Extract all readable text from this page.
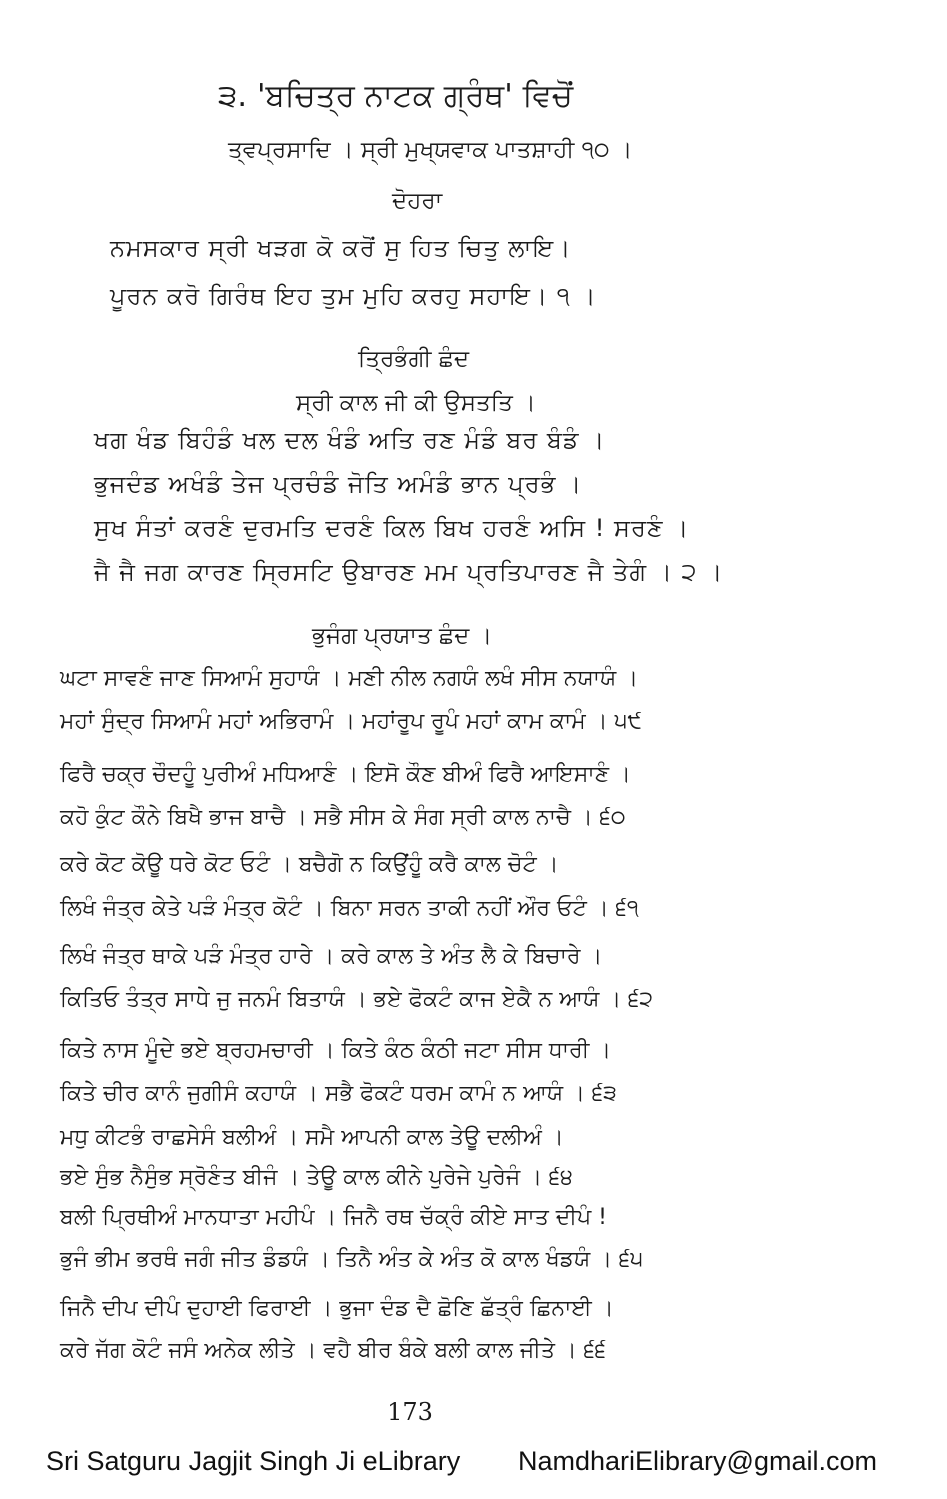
੩. 'ਬਚਿਤ੍ਰ ਨਾਟਕ ਗ੍ਰੰਥ' ਵਿਚੋਂ
ਤ੍ਵਪ੍ਰਸਾਦਿ । ਸ੍ਰੀ ਮੁਖ੍ਯਵਾਕ ਪਾਤਸ਼ਾਹੀ ੧੦ ।
ਦੋਹਰਾ
ਨਮਸਕਾਰ ਸ੍ਰੀ ਖੜਗ ਕੋ ਕਰੋਂ ਸੁ ਹਿਤ ਚਿਤੁ ਲਾਇ।
ਪੂਰਨ ਕਰੋ ਗਿਰੰਥ ਇਹ ਤੁਮ ਮੁਹਿ ਕਰਹੁ ਸਹਾਇ। ੧ ।
ਤ੍ਰਿਭੰਗੀ ਛੰਦ
ਸ੍ਰੀ ਕਾਲ ਜੀ ਕੀ ਉਸਤਤਿ ।
ਖਗ ਖੰਡ ਬਿਹੰਡੰ ਖਲ ਦਲ ਖੰਡੰ ਅਤਿ ਰਣ ਮੰਡੰ ਬਰ ਬੰਡੰ ।
ਭੁਜਦੰਡ ਅਖੰਡੰ ਤੇਜ ਪ੍ਰਚੰਡੰ ਜੋਤਿ ਅਮੰਡੰ ਭਾਨ ਪ੍ਰਭੰ ।
ਸੁਖ ਸੰਤਾਂ ਕਰਣੰ ਦੁਰਮਤਿ ਦਰਣੰ ਕਿਲ ਬਿਖ ਹਰਣੰ ਅਸਿ ! ਸਰਣੰ ।
ਜੈ ਜੈ ਜਗ ਕਾਰਣ ਸ੍ਰਿਸਟਿ ਉਬਾਰਣ ਮਮ ਪ੍ਰਤਿਪਾਰਣ ਜੈ ਤੇਗੰ । ੨ ।
ਭੁਜੰਗ ਪ੍ਰਯਾਤ ਛੰਦ ।
ਘਟਾ ਸਾਵਣੰ ਜਾਣ ਸਿਆਮੰ ਸੁਹਾਯੰ । ਮਣੀ ਨੀਲ ਨਗਯੰ ਲਖੰ ਸੀਸ ਨਯਾਯੰ ।
ਮਹਾਂ ਸੁੰਦ੍ਰ ਸਿਆਮੰ ਮਹਾਂ ਅਭਿਰਾਮੰ । ਮਹਾਂਰੂਪ ਰੂਪੰ ਮਹਾਂ ਕਾਮ ਕਾਮੰ । ੫੯
ਫਿਰੈ ਚਕ੍ਰ ਚੌਦਹੂੰ ਪੁਰੀਅੰ ਮਧਿਆਣੰ । ਇਸੋ ਕੌਣ ਬੀਅੰ ਫਿਰੈ ਆਇਸਾਣੰ ।
ਕਹੋ ਕੁੰਟ ਕੌਨੇ ਬਿਖੈ ਭਾਜ ਬਾਚੈ । ਸਭੈ ਸੀਸ ਕੇ ਸੰਗ ਸ੍ਰੀ ਕਾਲ ਨਾਚੈ । ੬੦
ਕਰੇ ਕੋਟ ਕੋਊ ਧਰੇ ਕੋਟ ਓਟੰ । ਬਚੈਗੋ ਨ ਕਿਉਂਹੂੰ ਕਰੈ ਕਾਲ ਚੋਟੰ ।
ਲਿਖੰ ਜੰਤ੍ਰ ਕੇਤੇ ਪੜੰ ਮੰਤ੍ਰ ਕੋਟੰ । ਬਿਨਾ ਸਰਨ ਤਾਕੀ ਨਹੀਂ ਔਰ ਓਟੰ । ੬੧
ਲਿਖੰ ਜੰਤ੍ਰ ਥਾਕੇ ਪੜੰ ਮੰਤ੍ਰ ਹਾਰੇ । ਕਰੇ ਕਾਲ ਤੇ ਅੰਤ ਲੈ ਕੇ ਬਿਚਾਰੇ ।
ਕਿਤਿਓ ਤੰਤ੍ਰ ਸਾਧੇ ਜੁ ਜਨਮੰ ਬਿਤਾਯੰ । ਭਏ ਫੋਕਟੰ ਕਾਜ ਏਕੈ ਨ ਆਯੰ । ੬੨
ਕਿਤੇ ਨਾਸ ਮੂੰਦੇ ਭਏ ਬ੍ਰਹਮਚਾਰੀ । ਕਿਤੇ ਕੰਠ ਕੰਠੀ ਜਟਾ ਸੀਸ ਧਾਰੀ ।
ਕਿਤੇ ਚੀਰ ਕਾਨੰ ਜੁਗੀਸੰ ਕਹਾਯੰ । ਸਭੈ ਫੋਕਟੰ ਧਰਮ ਕਾਮੰ ਨ ਆਯੰ । ੬੩
ਮਧੁ ਕੀਟਭੰ ਰਾਛਸੇਸੰ ਬਲੀਅੰ । ਸਮੈ ਆਪਨੀ ਕਾਲ ਤੇਊ ਦਲੀਅੰ ।
ਭਏ ਸੁੰਭ ਨੈਸੁੰਭ ਸ੍ਰੋਣੰਤ ਬੀਜੰ । ਤੇਊ ਕਾਲ ਕੀਨੇ ਪੁਰੇਜੇ ਪੁਰੇਜੰ । ੬੪
ਬਲੀ ਪ੍ਰਿਥੀਅੰ ਮਾਨਧਾਤਾ ਮਹੀਪੰ । ਜਿਨੈ ਰਥ ਚੱਕ੍ਰੰ ਕੀਏ ਸਾਤ ਦੀਪੰ !
ਭੁਜੰ ਭੀਮ ਭਰਥੰ ਜਗੰ ਜੀਤ ਡੰਡਯੰ । ਤਿਨੈ ਅੰਤ ਕੇ ਅੰਤ ਕੋ ਕਾਲ ਖੰਡਯੰ । ੬੫
ਜਿਨੈ ਦੀਪ ਦੀਪੰ ਦੁਹਾਈ ਫਿਰਾਈ । ਭੁਜਾ ਦੰਡ ਦੈ ਛੋਣਿ ਛੱਤ੍ਰੰ ਛਿਨਾਈ ।
ਕਰੇ ਜੱਗ ਕੋਟੰ ਜਸੰ ਅਨੇਕ ਲੀਤੇ । ਵਹੈ ਬੀਰ ਬੰਕੇ ਬਲੀ ਕਾਲ ਜੀਤੇ । ੬੬
173
Sri Satguru Jagjit Singh Ji eLibrary NamdhariElibrary@gmail.com
